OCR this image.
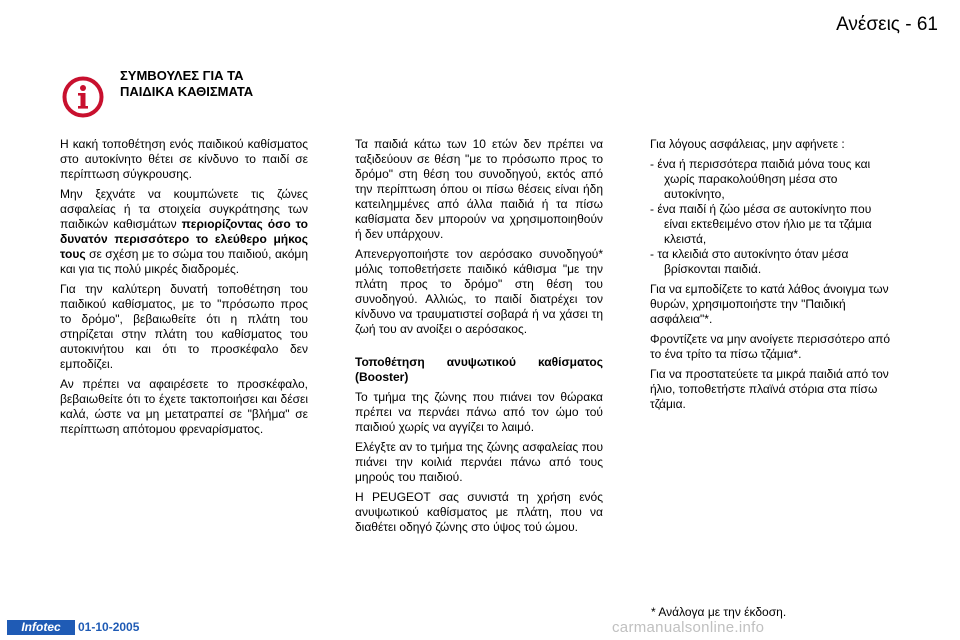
Ανέσεις - 61
ΣΥΜΒΟΥΛΕΣ ΓΙΑ ΤΑ
ΠΑΙΔΙΚΑ ΚΑΘΙΣΜΑΤΑ

Η κακή τοποθέτηση ενός παιδικού καθίσματος στο αυτοκίνητο θέτει σε κίνδυνο το παιδί σε περίπτωση σύγκρουσης.

Μην ξεχνάτε να κουμπώνετε τις ζώνες ασφαλείας ή τα στοιχεία συγκράτησης των παιδικών καθισμάτων περιορίζοντας όσο το δυνατόν περισσότερο το ελεύθερο μήκος τους σε σχέση με το σώμα του παιδιού, ακόμη και για τις πολύ μικρές διαδρομές.

Για την καλύτερη δυνατή τοποθέτηση του παιδικού καθίσματος, με το "πρόσωπο προς το δρόμο", βεβαιωθείτε ότι η πλάτη του στηρίζεται στην πλάτη του καθίσματος του αυτοκινήτου και ότι το προσκέφαλο δεν εμποδίζει.

Αν πρέπει να αφαιρέσετε το προσκέφαλο, βεβαιωθείτε ότι το έχετε τακτοποιήσει και δέσει καλά, ώστε να μη μετατραπεί σε "βλήμα" σε περίπτωση απότομου φρεναρίσματος.

Τα παιδιά κάτω των 10 ετών δεν πρέπει να ταξιδεύουν σε θέση "με το πρόσωπο προς το δρόμο" στη θέση του συνοδηγού, εκτός από την περίπτωση όπου οι πίσω θέσεις είναι ήδη κατειλημμένες από άλλα παιδιά ή τα πίσω καθίσματα δεν μπορούν να χρησιμοποιηθούν ή δεν υπάρχουν.

Απενεργοποιήστε τον αερόσακο συνοδηγού* μόλις τοποθετήσετε παιδικό κάθισμα "με την πλάτη προς το δρόμο" στη θέση του συνοδηγού. Αλλιώς, το παιδί διατρέχει τον κίνδυνο να τραυματιστεί σοβαρά ή να χάσει τη ζωή του αν ανοίξει ο αερόσακος.

Τοποθέτηση ανυψωτικού καθίσματος (Booster)

Το τμήμα της ζώνης που πιάνει τον θώρακα πρέπει να περνάει πάνω από τον ώμο τού παιδιού χωρίς να αγγίζει το λαιμό.

Ελέγξτε αν το τμήμα της ζώνης ασφαλείας που πιάνει την κοιλιά περνάει πάνω από τους μηρούς του παιδιού.

Η PEUGEOT σας συνιστά τη χρήση ενός ανυψωτικού καθίσματος με πλάτη, που να διαθέτει οδηγό ζώνης στο ύψος τού ώμου.

Για λόγους ασφάλειας, μην αφήνετε :

- ένα ή περισσότερα παιδιά μόνα τους και χωρίς παρακολούθηση μέσα στο αυτοκίνητο,
- ένα παιδί ή ζώο μέσα σε αυτοκίνητο που είναι εκτεθειμένο στον ήλιο με τα τζάμια κλειστά,
- τα κλειδιά στο αυτοκίνητο όταν μέσα βρίσκονται παιδιά.

Για να εμποδίζετε το κατά λάθος άνοιγμα των θυρών, χρησιμοποιήστε την "Παιδική ασφάλεια"*.

Φροντίζετε να μην ανοίγετε περισσότερο από το ένα τρίτο τα πίσω τζάμια*.

Για να προστατεύετε τα μικρά παιδιά από τον ήλιο, τοποθετήστε πλαϊνά στόρια στα πίσω τζάμια.

* Ανάλογα με την έκδοση.
Infotec	01-10-2005	carmanualsonline.info
